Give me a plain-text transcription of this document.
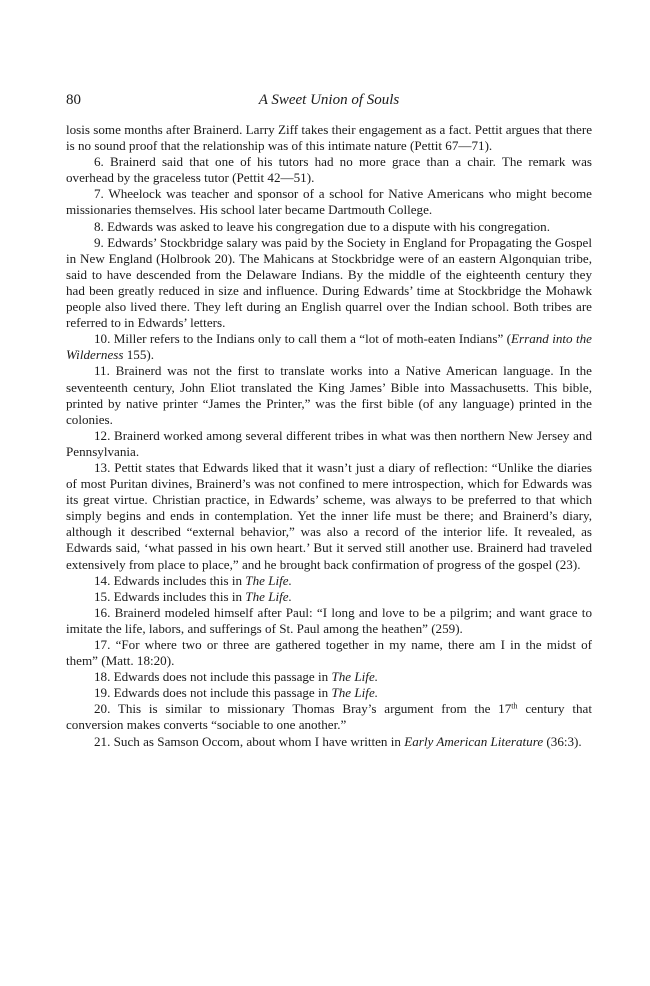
80	A Sweet Union of Souls

losis some months after Brainerd. Larry Ziff takes their engagement as a fact. Pettit argues that there is no sound proof that the relationship was of this intimate nature (Pettit 67—71).

6. Brainerd said that one of his tutors had no more grace than a chair. The remark was overhead by the graceless tutor (Pettit 42—51).

7. Wheelock was teacher and sponsor of a school for Native Americans who might become missionaries themselves. His school later became Dartmouth College.

8. Edwards was asked to leave his congregation due to a dispute with his congregation.

9. Edwards’ Stockbridge salary was paid by the Society in England for Propagating the Gospel in New England (Holbrook 20). The Mahicans at Stockbridge were of an eastern Algonquian tribe, said to have descended from the Delaware Indians. By the middle of the eighteenth century they had been greatly reduced in size and influence. During Edwards’ time at Stockbridge the Mohawk people also lived there. They left during an English quarrel over the Indian school. Both tribes are referred to in Edwards’ letters.

10. Miller refers to the Indians only to call them a “lot of moth-eaten Indians” (Errand into the Wilderness 155).

11. Brainerd was not the first to translate works into a Native American language. In the seventeenth century, John Eliot translated the King James’ Bible into Massachusetts. This bible, printed by native printer “James the Printer,” was the first bible (of any language) printed in the colonies.

12. Brainerd worked among several different tribes in what was then northern New Jersey and Pennsylvania.

13. Pettit states that Edwards liked that it wasn’t just a diary of reflection: “Unlike the diaries of most Puritan divines, Brainerd’s was not confined to mere introspection, which for Edwards was its great virtue. Christian practice, in Edwards’ scheme, was always to be preferred to that which simply begins and ends in contemplation. Yet the inner life must be there; and Brainerd’s diary, although it described “external behavior,” was also a record of the interior life. It revealed, as Edwards said, ‘what passed in his own heart.’ But it served still another use. Brainerd had traveled extensively from place to place,” and he brought back confirmation of progress of the gospel (23).

14. Edwards includes this in The Life.

15. Edwards includes this in The Life.

16. Brainerd modeled himself after Paul: “I long and love to be a pilgrim; and want grace to imitate the life, labors, and sufferings of St. Paul among the heathen” (259).

17. “For where two or three are gathered together in my name, there am I in the midst of them” (Matt. 18:20).

18. Edwards does not include this passage in The Life.

19. Edwards does not include this passage in The Life.

20. This is similar to missionary Thomas Bray’s argument from the 17th century that conversion makes converts “sociable to one another.”

21. Such as Samson Occom, about whom I have written in Early American Literature (36:3).
